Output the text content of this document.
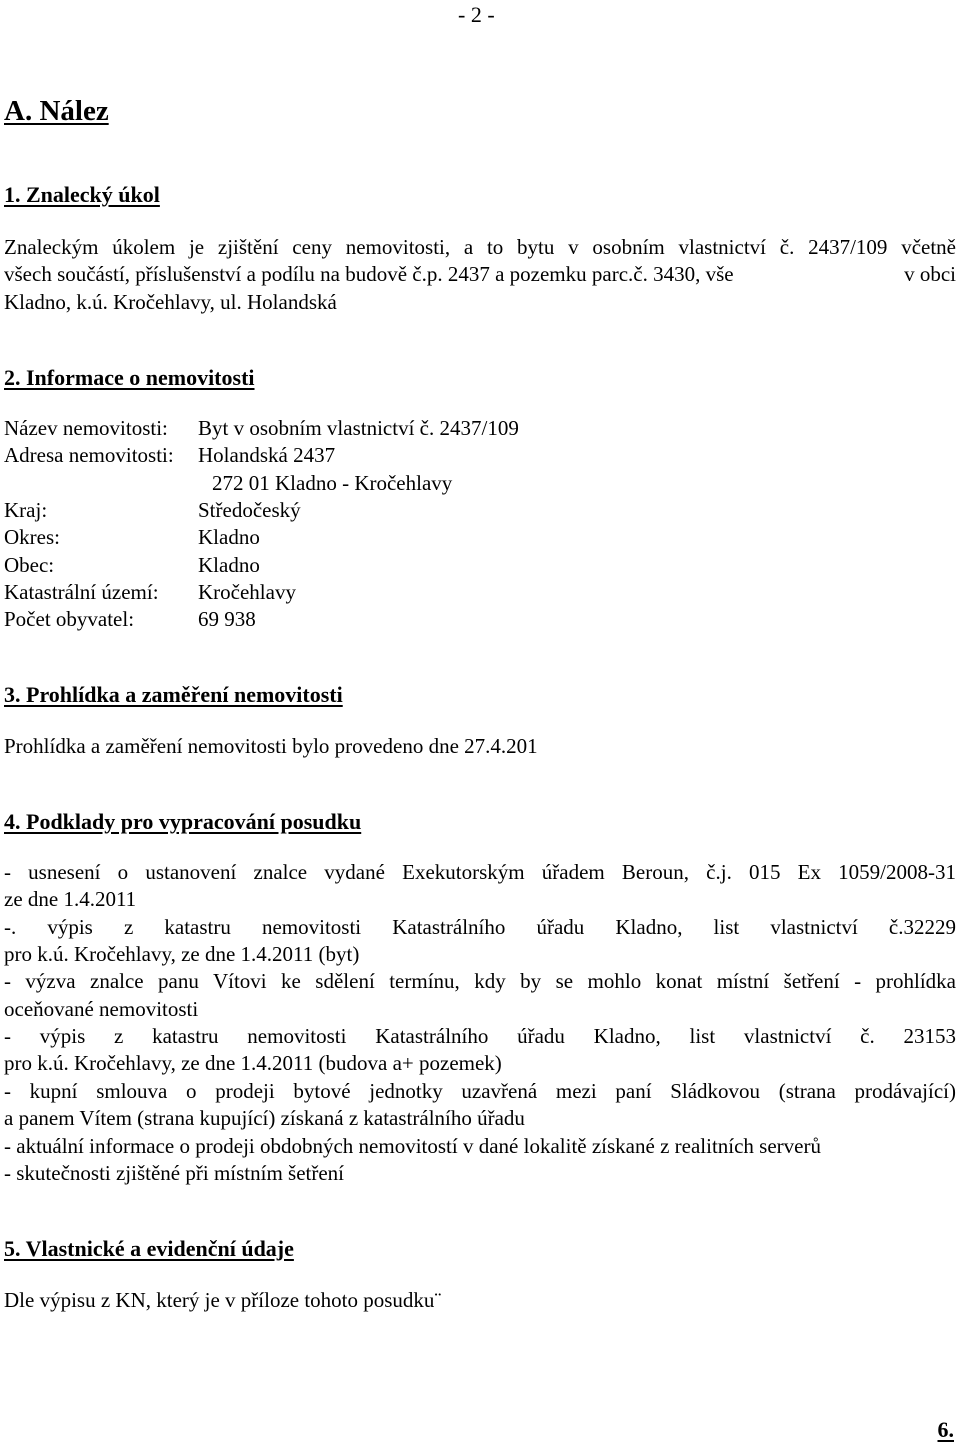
- 2 -
A. Nález
1. Znalecký úkol
Znaleckým úkolem je zjištění ceny nemovitosti, a to bytu v osobním vlastnictví č. 2437/109 včetně
všech součástí, příslušenství a podílu na budově č.p. 2437 a pozemku parc.č. 3430, vše	v obci
Kladno, k.ú. Kročehlavy, ul. Holandská
2. Informace o nemovitosti
Název nemovitosti: Byt v osobním vlastnictví č. 2437/109
Adresa nemovitosti: Holandská 2437
272 01 Kladno - Kročehlavy
Kraj:	Středočeský
Okres:	Kladno
Obec:	Kladno
Katastrální území: Kročehlavy
Počet obyvatel:	69 938
3. Prohlídka a zaměření nemovitosti
Prohlídka a zaměření nemovitosti bylo provedeno dne 27.4.201
4. Podklady pro vypracování posudku
- usnesení o ustanovení znalce vydané Exekutorským úřadem Beroun, č.j. 015 Ex 1059/2008-31
ze dne 1.4.2011
-. výpis z katastru nemovitosti Katastrálního úřadu Kladno, list vlastnictví č.32229
pro k.ú. Kročehlavy, ze dne 1.4.2011 (byt)
- výzva znalce panu Vítovi ke sdělení termínu, kdy by se mohlo konat místní šetření - prohlídka
oceňované nemovitosti
- výpis z katastru nemovitosti Katastrálního úřadu Kladno, list vlastnictví č. 23153
pro k.ú. Kročehlavy, ze dne 1.4.2011 (budova a+ pozemek)
- kupní smlouva o prodeji bytové jednotky uzavřená mezi paní Sládkovou (strana prodávající)
a panem Vítem (strana kupující) získaná z katastrálního úřadu
- aktuální informace o prodeji obdobných nemovitostí v dané lokalitě získané z realitních serverů
- skutečnosti zjištěné při místním šetření
5. Vlastnické a evidenční údaje
Dle výpisu z KN, který je v příloze tohoto posudku¨
6.
